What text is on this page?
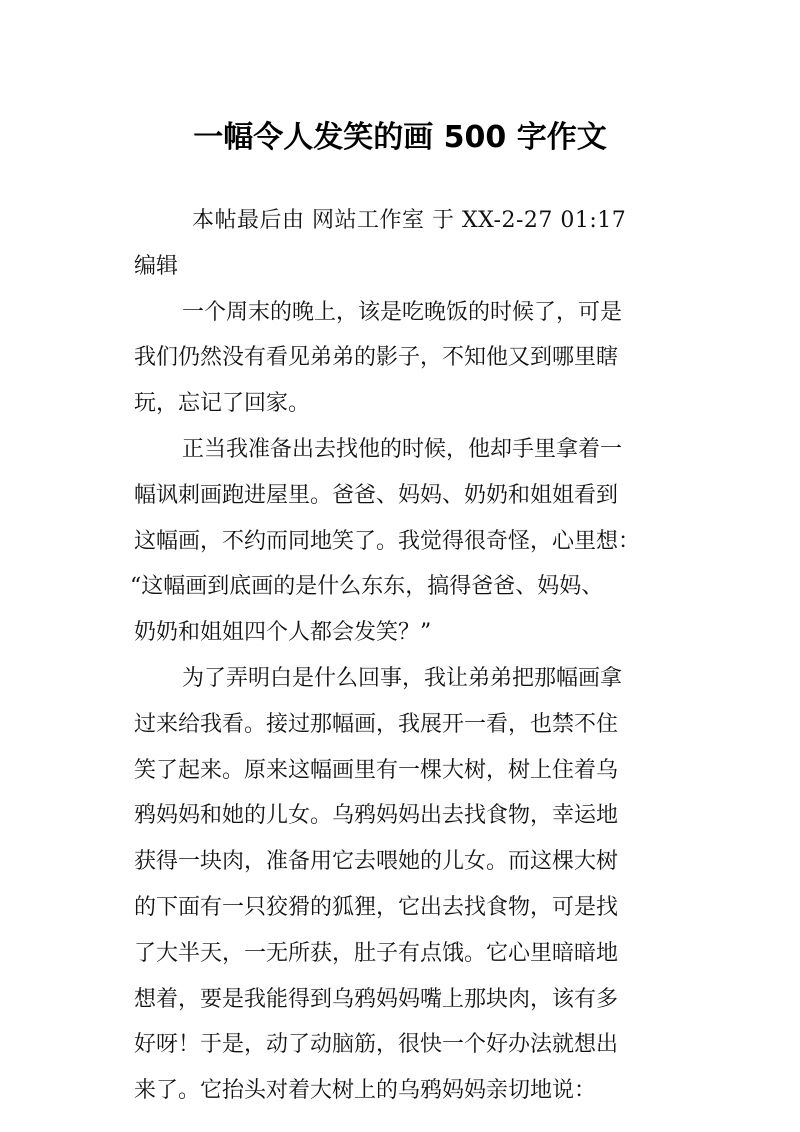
一幅令人发笑的画 500 字作文
本帖最后由 网站工作室 于 XX-2-27 01:17
编辑
一个周末的晚上，该是吃晚饭的时候了，可是
我们仍然没有看见弟弟的影子，不知他又到哪里瞎
玩，忘记了回家。
正当我准备出去找他的时候，他却手里拿着一
幅讽刺画跑进屋里。爸爸、妈妈、奶奶和姐姐看到
这幅画，不约而同地笑了。我觉得很奇怪，心里想：
“这幅画到底画的是什么东东，搞得爸爸、妈妈、
奶奶和姐姐四个人都会发笑？”
为了弄明白是什么回事，我让弟弟把那幅画拿
过来给我看。接过那幅画，我展开一看，也禁不住
笑了起来。原来这幅画里有一棵大树，树上住着乌
鸦妈妈和她的儿女。乌鸦妈妈出去找食物，幸运地
获得一块肉，准备用它去喂她的儿女。而这棵大树
的下面有一只狡猾的狐狸，它出去找食物，可是找
了大半天，一无所获，肚子有点饿。它心里暗暗地
想着，要是我能得到乌鸦妈妈嘴上那块肉，该有多
好呀！于是，动了动脑筋，很快一个好办法就想出
来了。它抬头对着大树上的乌鸦妈妈亲切地说：
